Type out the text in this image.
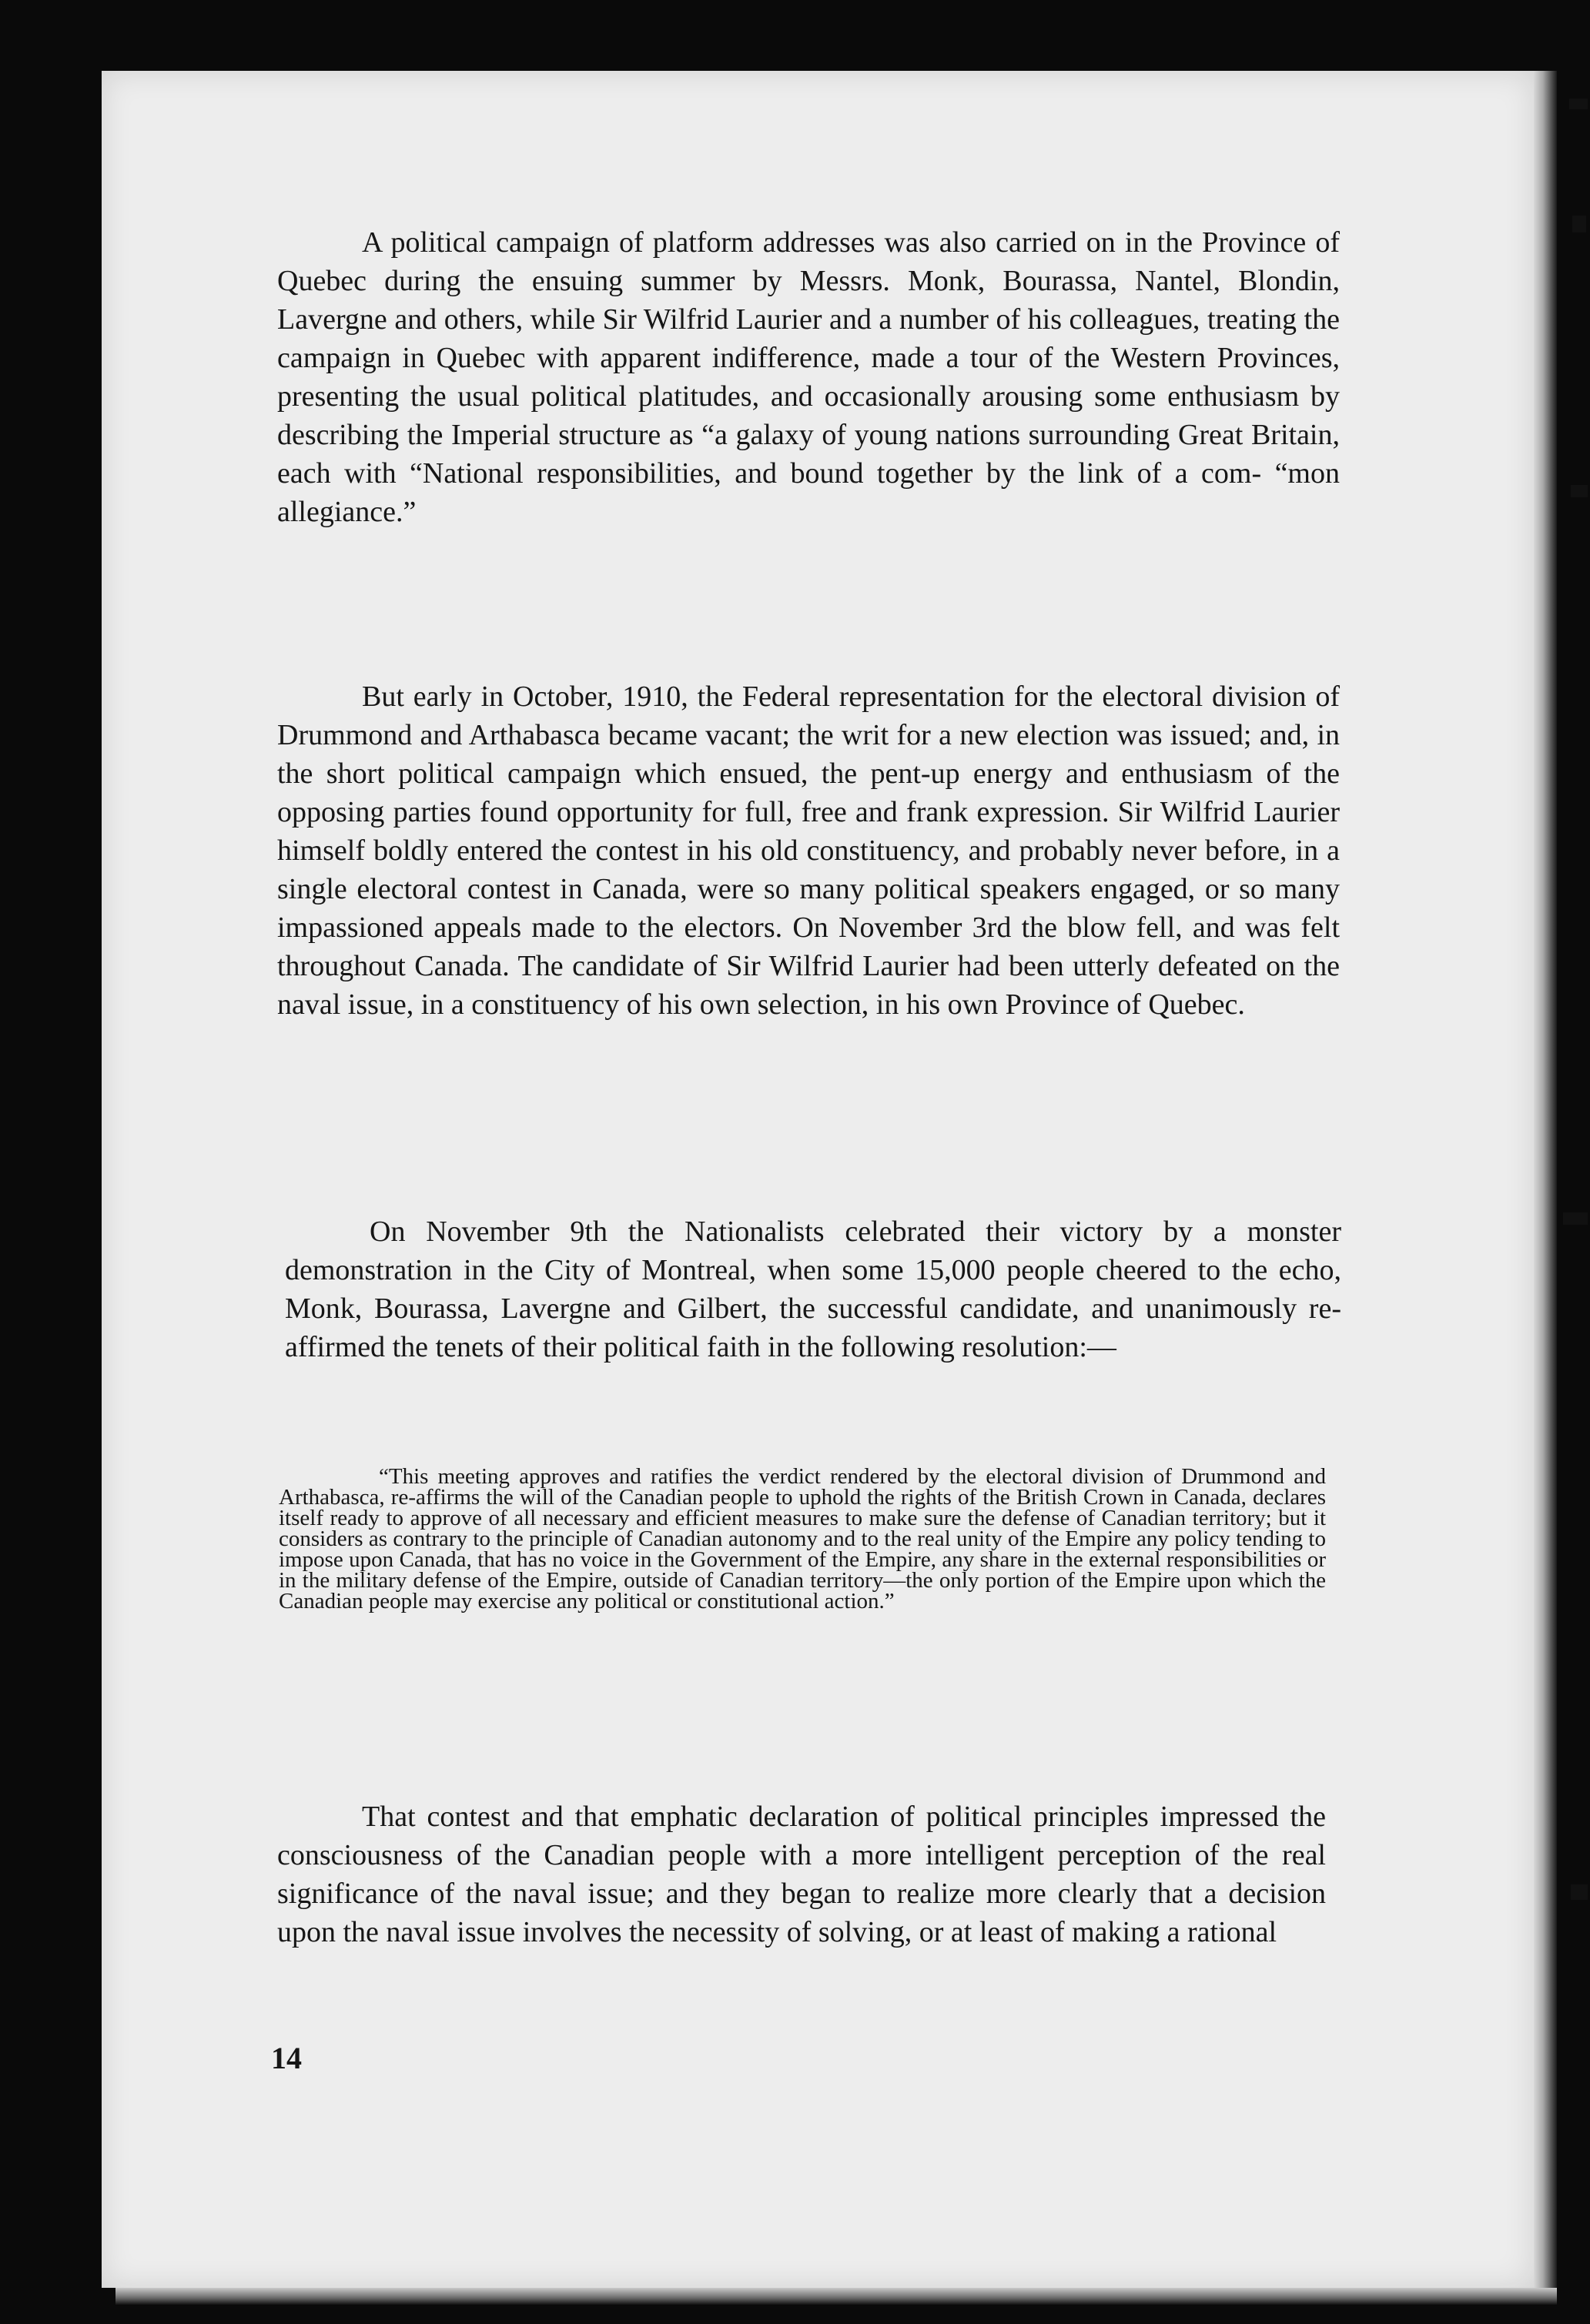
A political campaign of platform addresses was also carried on in the Province of Quebec during the ensuing summer by Messrs. Monk, Bourassa, Nantel, Blondin, Lavergne and others, while Sir Wilfrid Laurier and a number of his colleagues, treating the campaign in Quebec with apparent indifference, made a tour of the Western Provinces, presenting the usual political platitudes, and occasionally arousing some enthusiasm by describing the Imperial structure as “a galaxy of young nations surrounding Great Britain, each with “National responsibilities, and bound together by the link of a com- “mon allegiance.”

But early in October, 1910, the Federal representation for the electoral division of Drummond and Arthabasca became vacant; the writ for a new election was issued; and, in the short political campaign which ensued, the pent-up energy and enthusiasm of the opposing parties found opportunity for full, free and frank expression. Sir Wilfrid Laurier himself boldly entered the contest in his old constituency, and probably never before, in a single electoral contest in Canada, were so many political speakers engaged, or so many impassioned appeals made to the electors. On November 3rd the blow fell, and was felt throughout Canada. The candidate of Sir Wilfrid Laurier had been utterly defeated on the naval issue, in a constituency of his own selection, in his own Province of Quebec.

On November 9th the Nationalists celebrated their victory by a monster demonstration in the City of Montreal, when some 15,000 people cheered to the echo, Monk, Bourassa, Lavergne and Gilbert, the successful candidate, and unanimously re-affirmed the tenets of their political faith in the following resolution:—

“This meeting approves and ratifies the verdict rendered by the electoral division of Drummond and Arthabasca, re-affirms the will of the Canadian people to uphold the rights of the British Crown in Canada, declares itself ready to approve of all necessary and efficient measures to make sure the defense of Canadian territory; but it considers as contrary to the principle of Canadian autonomy and to the real unity of the Empire any policy tending to impose upon Canada, that has no voice in the Government of the Empire, any share in the external responsibilities or in the military defense of the Empire, outside of Canadian territory—the only portion of the Empire upon which the Canadian people may exercise any political or constitutional action.”

That contest and that emphatic declaration of political principles impressed the consciousness of the Canadian people with a more intelligent perception of the real significance of the naval issue; and they began to realize more clearly that a decision upon the naval issue involves the necessity of solving, or at least of making a rational

14
